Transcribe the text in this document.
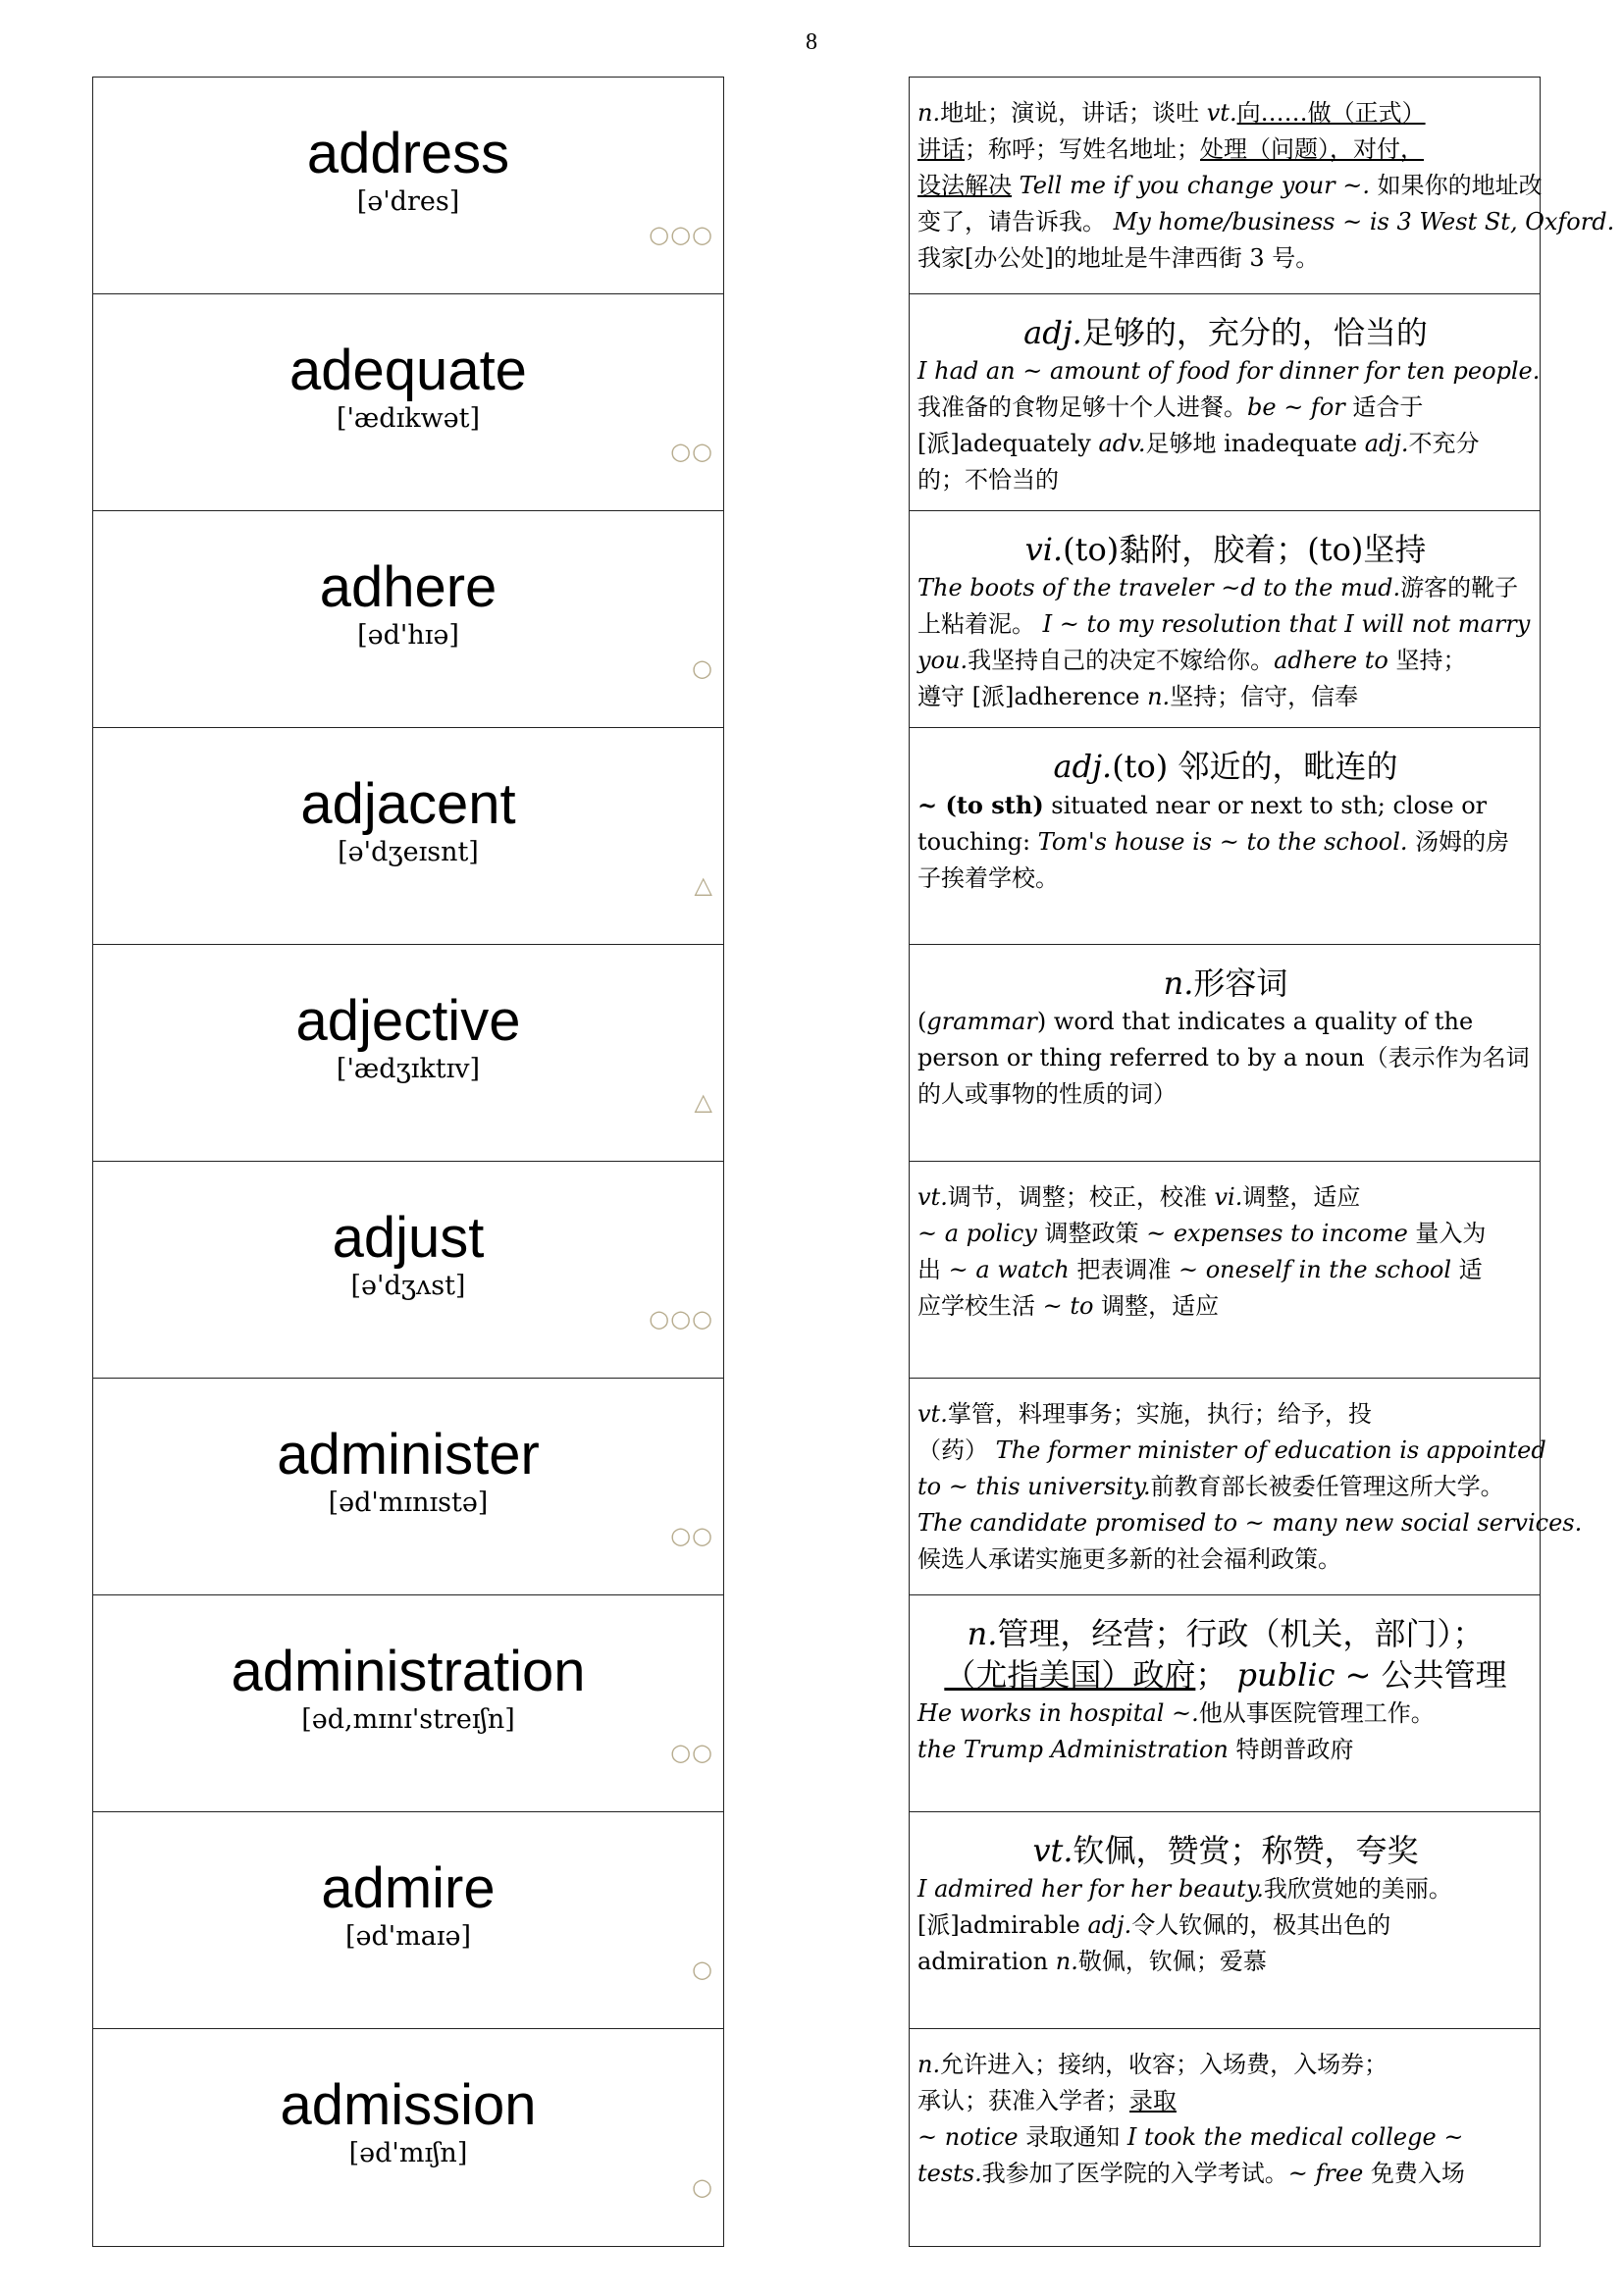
8
address
[ə'dres]
○○○
adequate
['ædɪkwət]
○○
adhere
[əd'hɪə]
○
adjacent
[ə'dʒeɪsnt]
△
adjective
['ædʒɪktɪv]
△
adjust
[ə'dʒʌst]
○○○
administer
[əd'mɪnɪstə]
○○
administration
[əd,mɪnɪ'streɪʃn]
○○
admire
[əd'maɪə]
○
admission
[əd'mɪʃn]
○
n.地址；演说，讲话；谈吐 vt.向……做（正式）
讲话；称呼；写姓名地址；处理（问题），对付，
设法解决 Tell me if you change your ~. 如果你的地址改
变了，请告诉我。 My home/business ~ is 3 West St, Oxford.
我家[办公处]的地址是牛津西街 3 号。
adj.足够的，充分的，恰当的
I had an ~ amount of food for dinner for ten people.
我准备的食物足够十个人进餐。be ~ for 适合于
[派]adequately adv.足够地 inadequate adj.不充分
的；不恰当的
vi.(to)黏附，胶着；(to)坚持
The boots of the traveler ~d to the mud.游客的靴子
上粘着泥。 I ~ to my resolution that I will not marry
you.我坚持自己的决定不嫁给你。adhere to 坚持；
遵守 [派]adherence n.坚持；信守，信奉
adj.(to) 邻近的，毗连的
~ (to sth) situated near or next to sth; close or
touching: Tom's house is ~ to the school. 汤姆的房
子挨着学校。
n.形容词
(grammar) word that indicates a quality of the
person or thing referred to by a noun（表示作为名词
的人或事物的性质的词）
vt.调节，调整；校正，校准 vi.调整，适应
~ a policy 调整政策 ~ expenses to income 量入为
出 ~ a watch 把表调准 ~ oneself in the school 适
应学校生活 ~ to 调整，适应
vt.掌管，料理事务；实施，执行；给予，投
（药） The former minister of education is appointed
to ~ this university.前教育部长被委任管理这所大学。
The candidate promised to ~ many new social services.
候选人承诺实施更多新的社会福利政策。
n.管理，经营；行政（机关，部门）；
（尤指美国）政府； public ~ 公共管理
He works in hospital ~.他从事医院管理工作。
the Trump Administration 特朗普政府
vt.钦佩，赞赏；称赞，夸奖
I admired her for her beauty.我欣赏她的美丽。
[派]admirable adj.令人钦佩的，极其出色的
admiration n.敬佩，钦佩；爱慕
n.允许进入；接纳，收容；入场费，入场券；
承认；获准入学者；录取
~ notice 录取通知 I took the medical college ~
tests.我参加了医学院的入学考试。~ free 免费入场
